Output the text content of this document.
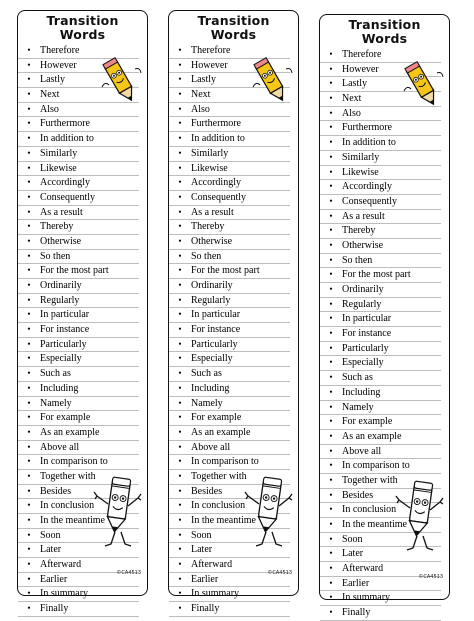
Transition
Words
• Therefore
• However
• Lastly
• Next
• Also
• Furthermore
• In addition to
• Similarly
• Likewise
• Accordingly
• Consequently
• As a result
• Thereby
• Otherwise
• So then
• For the most part
• Ordinarily
• Regularly
• In particular
• For instance
• Particularly
• Especially
• Such as
• Including
• Namely
• For example
• As an example
• Above all
• In comparison to
• Together with
• Besides
• In conclusion
• In the meantime
• Soon
• Later
• Afterward
• Earlier
• In summary
• Finally
©CA4513
Transition
Words
• Therefore
• However
• Lastly
• Next
• Also
• Furthermore
• In addition to
• Similarly
• Likewise
• Accordingly
• Consequently
• As a result
• Thereby
• Otherwise
• So then
• For the most part
• Ordinarily
• Regularly
• In particular
• For instance
• Particularly
• Especially
• Such as
• Including
• Namely
• For example
• As an example
• Above all
• In comparison to
• Together with
• Besides
• In conclusion
• In the meantime
• Soon
• Later
• Afterward
• Earlier
• In summary
• Finally
©CA4513
Transition
Words
• Therefore
• However
• Lastly
• Next
• Also
• Furthermore
• In addition to
• Similarly
• Likewise
• Accordingly
• Consequently
• As a result
• Thereby
• Otherwise
• So then
• For the most part
• Ordinarily
• Regularly
• In particular
• For instance
• Particularly
• Especially
• Such as
• Including
• Namely
• For example
• As an example
• Above all
• In comparison to
• Together with
• Besides
• In conclusion
• In the meantime
• Soon
• Later
• Afterward
• Earlier
• In summary
• Finally
©CA4513
